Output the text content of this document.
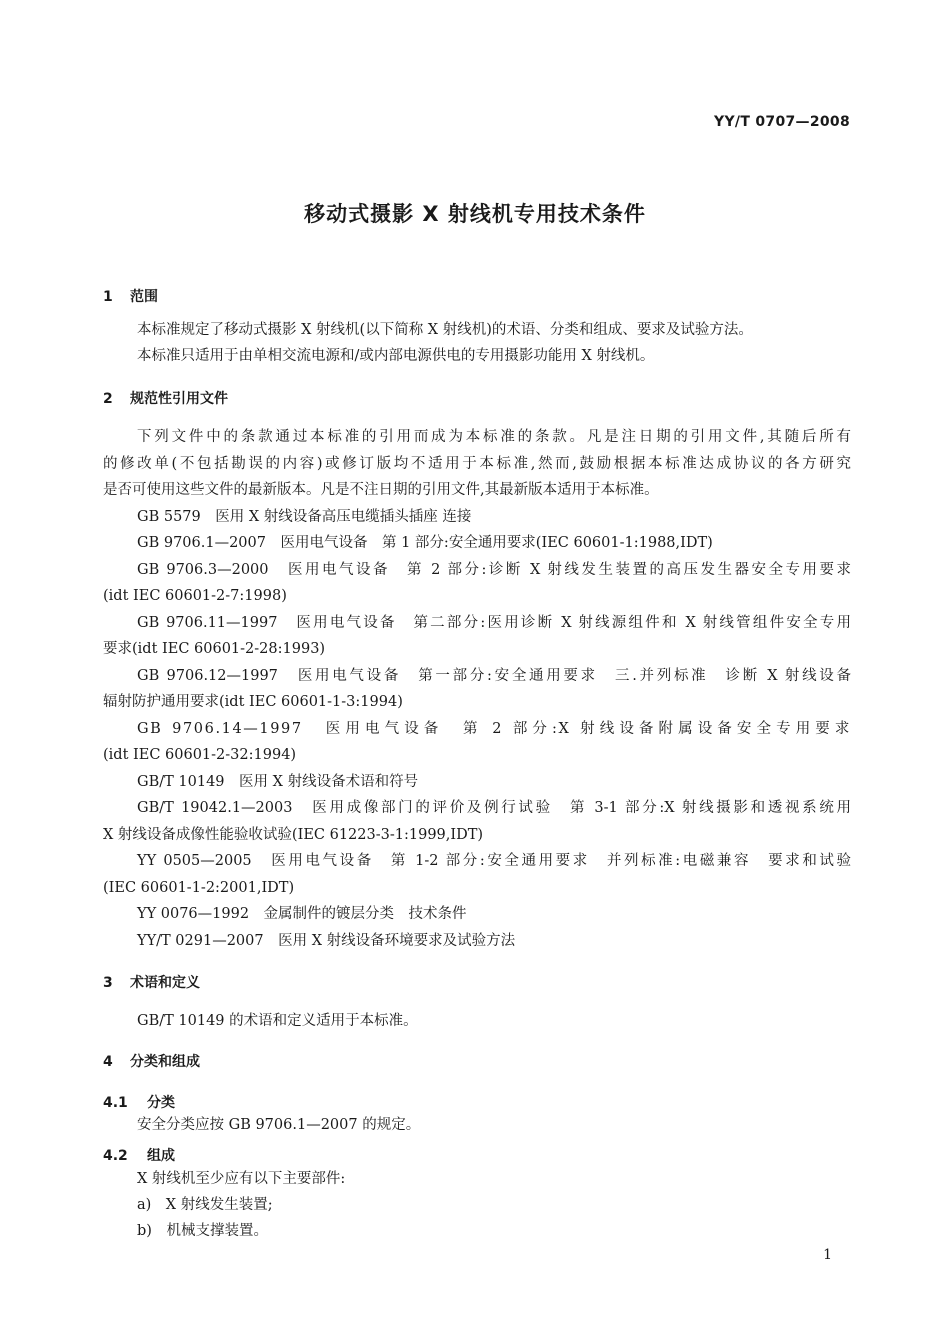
YY/T 0707—2008
移动式摄影 X 射线机专用技术条件
1 范围
本标准规定了移动式摄影 X 射线机(以下简称 X 射线机)的术语、分类和组成、要求及试验方法。
本标准只适用于由单相交流电源和/或内部电源供电的专用摄影功能用 X 射线机。
2 规范性引用文件
下列文件中的条款通过本标准的引用而成为本标准的条款。凡是注日期的引用文件,其随后所有
的修改单(不包括勘误的内容)或修订版均不适用于本标准,然而,鼓励根据本标准达成协议的各方研究
是否可使用这些文件的最新版本。凡是不注日期的引用文件,其最新版本适用于本标准。
GB 5579　医用 X 射线设备高压电缆插头插座 连接
GB 9706.1—2007　医用电气设备　第 1 部分:安全通用要求(IEC 60601-1:1988,IDT)
GB 9706.3—2000　医用电气设备　第 2 部分:诊断 X 射线发生装置的高压发生器安全专用要求
(idt IEC 60601-2-7:1998)
GB 9706.11—1997　医用电气设备　第二部分:医用诊断 X 射线源组件和 X 射线管组件安全专用
要求(idt IEC 60601-2-28:1993)
GB 9706.12—1997　医用电气设备　第一部分:安全通用要求　三.并列标准　诊断 X 射线设备
辐射防护通用要求(idt IEC 60601-1-3:1994)
GB 9706.14—1997　医用电气设备　第 2 部分:X 射线设备附属设备安全专用要求
(idt IEC 60601-2-32:1994)
GB/T 10149　医用 X 射线设备术语和符号
GB/T 19042.1—2003　医用成像部门的评价及例行试验　第 3-1 部分:X 射线摄影和透视系统用
X 射线设备成像性能验收试验(IEC 61223-3-1:1999,IDT)
YY 0505—2005　医用电气设备　第 1-2 部分:安全通用要求　并列标准:电磁兼容　要求和试验
(IEC 60601-1-2:2001,IDT)
YY 0076—1992　金属制件的镀层分类　技术条件
YY/T 0291—2007　医用 X 射线设备环境要求及试验方法
3 术语和定义
GB/T 10149 的术语和定义适用于本标准。
4 分类和组成
4.1 分类
安全分类应按 GB 9706.1—2007 的规定。
4.2 组成
X 射线机至少应有以下主要部件:
a)　X 射线发生装置;
b)　机械支撑装置。
1
